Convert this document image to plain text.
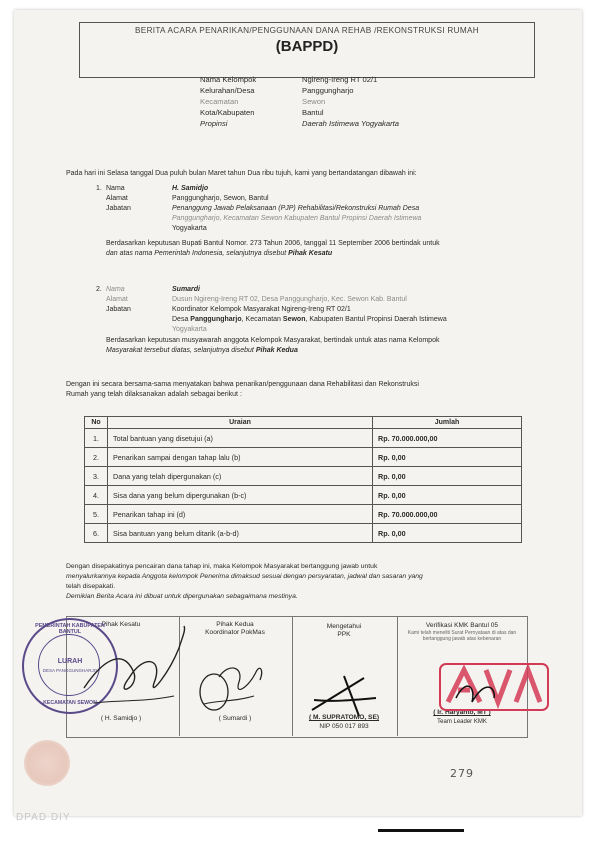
BERITA ACARA PENARIKAN/PENGGUNAAN DANA REHAB /REKONSTRUKSI RUMAH
(BAPPD)
Nama Kelompok	Ngireng-Ireng RT 02/1
Kelurahan/Desa	Panggungharjo
Kecamatan	Sewon
Kota/Kabupaten	Bantul
Propinsi	Daerah Istimewa Yogyakarta
Pada hari ini Selasa tanggal Dua puluh bulan Maret tahun Dua ribu tujuh, kami yang bertandatangan dibawah ini:
1. Nama	H. Samidjo
Alamat	Panggungharjo, Sewon, Bantul
Jabatan	Penanggung Jawab Pelaksanaan (PJP) Rehabilitasi/Rekonstruksi Rumah Desa
Panggungharjo, Kecamatan Sewon Kabupaten Bantul Propinsi Daerah Istimewa
Yogyakarta
Berdasarkan keputusan Bupati Bantul Nomor. 273 Tahun 2006, tanggal 11 September 2006 bertindak untuk
dan atas nama Pemerintah Indonesia, selanjutnya disebut Pihak Kesatu
2. Nama	Sumardi
Alamat	Dusun Ngireng-Ireng RT 02, Desa Panggungharjo, Kec. Sewon Kab. Bantul
Jabatan	Koordinator Kelompok Masyarakat Ngireng-Ireng RT 02/1
Desa Panggungharjo, Kecamatan Sewon, Kabupaten Bantul Propinsi Daerah Istimewa
Yogyakarta
Berdasarkan keputusan musyawarah anggota Kelompok Masyarakat, bertindak untuk atas nama Kelompok
Masyarakat tersebut diatas, selanjutnya disebut Pihak Kedua
Dengan ini secara bersama-sama menyatakan bahwa penarikan/penggunaan dana Rehabilitasi dan Rekonstruksi
Rumah yang telah dilaksanakan adalah sebagai berikut :
No	Uraian	Jumlah
1.	Total bantuan yang disetujui (a)	Rp. 70.000.000,00
2.	Penarikan sampai dengan tahap lalu (b)	Rp. 0,00
3.	Dana yang telah dipergunakan (c)	Rp. 0,00
4.	Sisa dana yang belum dipergunakan (b-c)	Rp. 0,00
5.	Penarikan tahap ini (d)	Rp. 70.000.000,00
6.	Sisa bantuan yang belum ditarik (a-b-d)	Rp. 0,00
Dengan disepakatinya pencairan dana tahap ini, maka Kelompok Masyarakat bertanggung jawab untuk
menyalurkannya kepada Anggota kelompok Penerima dimaksud sesuai dengan persyaratan, jadwal dan sasaran yang
telah disepakati.
Demikian Berita Acara ini dibuat untuk dipergunakan sebagaimana mestinya.
Pihak Kesatu
( H. Samidjo )
Pihak Kedua
Koordinator PokMas
( Sumardi )
Mengetahui
PPK
( M. SUPRATOMO, SE)
NIP 050 017 893
Verifikasi KMK Bantul 05
Kami telah meneliti Surat Pernyataan di atas dan bertanggung jawab atas kebenaran
( Ir. Haryanto, MT )
Team Leader KMK
PEMERINTAH KABUPATEN BANTUL
LURAH
DESA PANGGUNGHARJO
KECAMATAN SEWON
279
DPAD DIY
